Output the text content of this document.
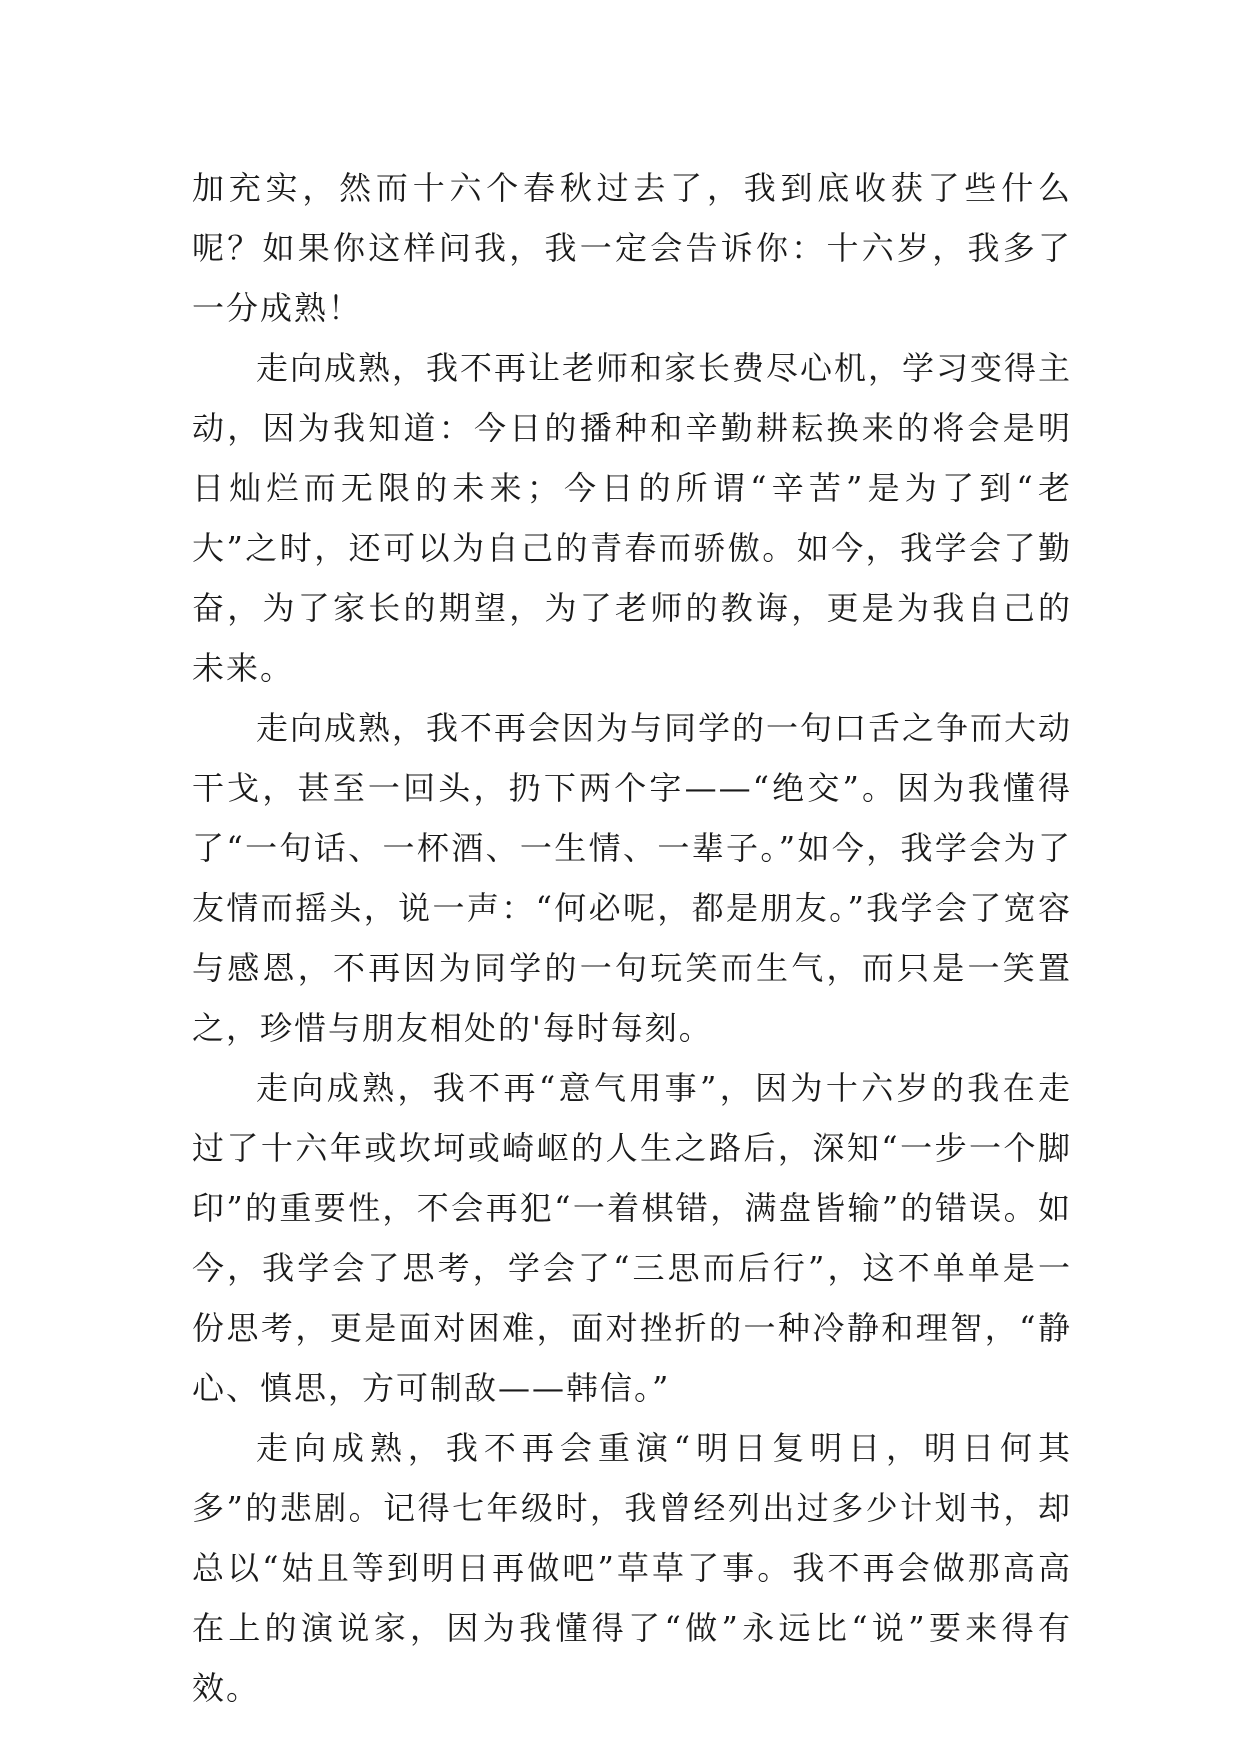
加充实，然而十六个春秋过去了，我到底收获了些什么呢？如果你这样问我，我一定会告诉你：十六岁，我多了一分成熟！

走向成熟，我不再让老师和家长费尽心机，学习变得主动，因为我知道：今日的播种和辛勤耕耘换来的将会是明日灿烂而无限的未来；今日的所谓“辛苦”是为了到“老大”之时，还可以为自己的青春而骄傲。如今，我学会了勤奋，为了家长的期望，为了老师的教诲，更是为我自己的未来。

走向成熟，我不再会因为与同学的一句口舌之争而大动干戈，甚至一回头，扔下两个字——“绝交”。因为我懂得了“一句话、一杯酒、一生情、一辈子。”如今，我学会为了友情而摇头，说一声：“何必呢，都是朋友。”我学会了宽容与感恩，不再因为同学的一句玩笑而生气，而只是一笑置之，珍惜与朋友相处的'每时每刻。

走向成熟，我不再“意气用事”，因为十六岁的我在走过了十六年或坎坷或崎岖的人生之路后，深知“一步一个脚印”的重要性，不会再犯“一着棋错，满盘皆输”的错误。如今，我学会了思考，学会了“三思而后行”，这不单单是一份思考，更是面对困难，面对挫折的一种冷静和理智，“静心、慎思，方可制敌——韩信。”

走向成熟，我不再会重演“明日复明日，明日何其多”的悲剧。记得七年级时，我曾经列出过多少计划书，却总以“姑且等到明日再做吧”草草了事。我不再会做那高高在上的演说家，因为我懂得了“做”永远比“说”要来得有效。
